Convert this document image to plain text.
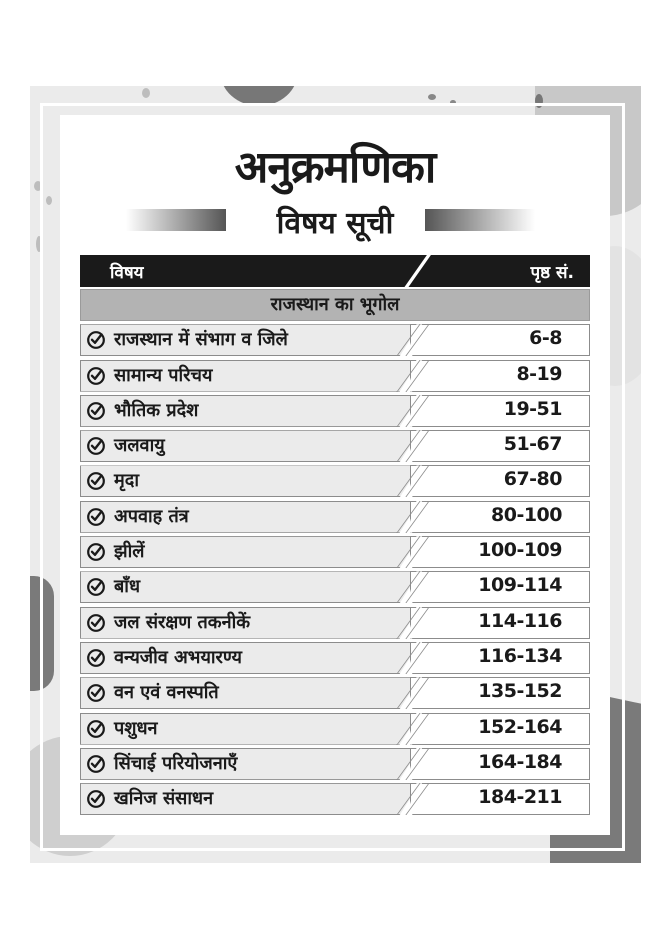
अनुक्रमणिका
विषय सूची
विषय	पृष्ठ सं.
राजस्थान का भूगोल
राजस्थान में संभाग व जिले	6-8
सामान्य परिचय	8-19
भौतिक प्रदेश	19-51
जलवायु	51-67
मृदा	67-80
अपवाह तंत्र	80-100
झीलें	100-109
बाँध	109-114
जल संरक्षण तकनीकें	114-116
वन्यजीव अभयारण्य	116-134
वन एवं वनस्पति	135-152
पशुधन	152-164
सिंचाई परियोजनाएँ	164-184
खनिज संसाधन	184-211
